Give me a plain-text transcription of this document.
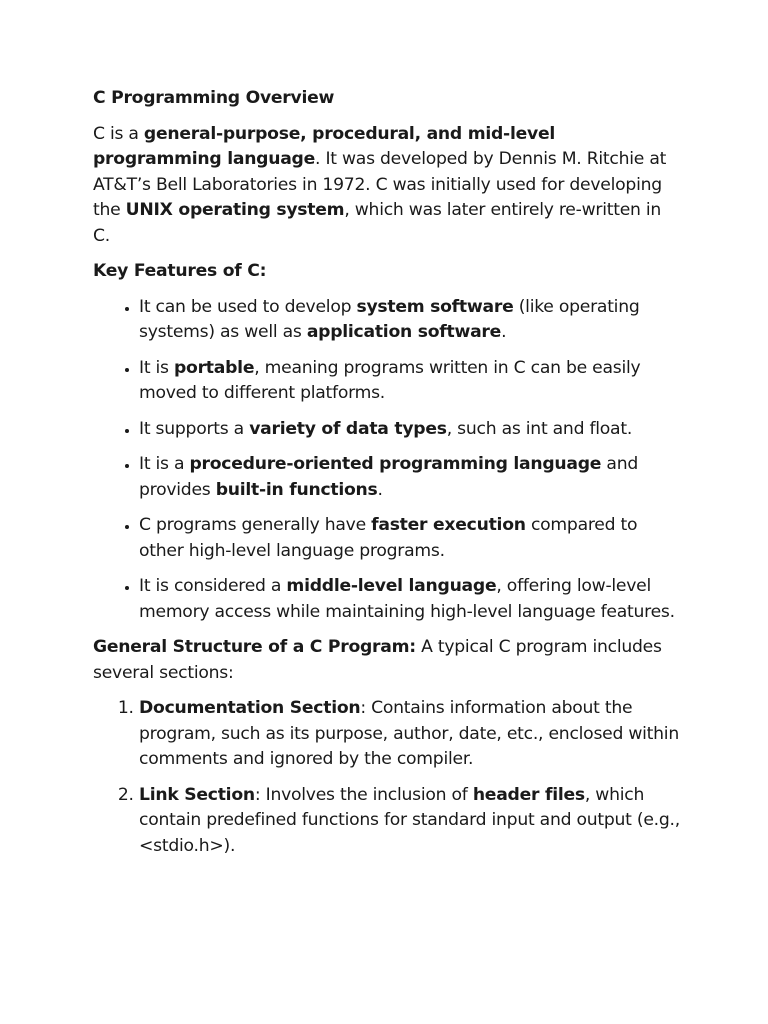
C Programming Overview

C is a general-purpose, procedural, and mid-level programming language. It was developed by Dennis M. Ritchie at AT&T’s Bell Laboratories in 1972. C was initially used for developing the UNIX operating system, which was later entirely re-written in C.

Key Features of C:

• It can be used to develop system software (like operating systems) as well as application software.
• It is portable, meaning programs written in C can be easily moved to different platforms.
• It supports a variety of data types, such as int and float.
• It is a procedure-oriented programming language and provides built-in functions.
• C programs generally have faster execution compared to other high-level language programs.
• It is considered a middle-level language, offering low-level memory access while maintaining high-level language features.

General Structure of a C Program: A typical C program includes several sections:

1. Documentation Section: Contains information about the program, such as its purpose, author, date, etc., enclosed within comments and ignored by the compiler.
2. Link Section: Involves the inclusion of header files, which contain predefined functions for standard input and output (e.g., <stdio.h>).
